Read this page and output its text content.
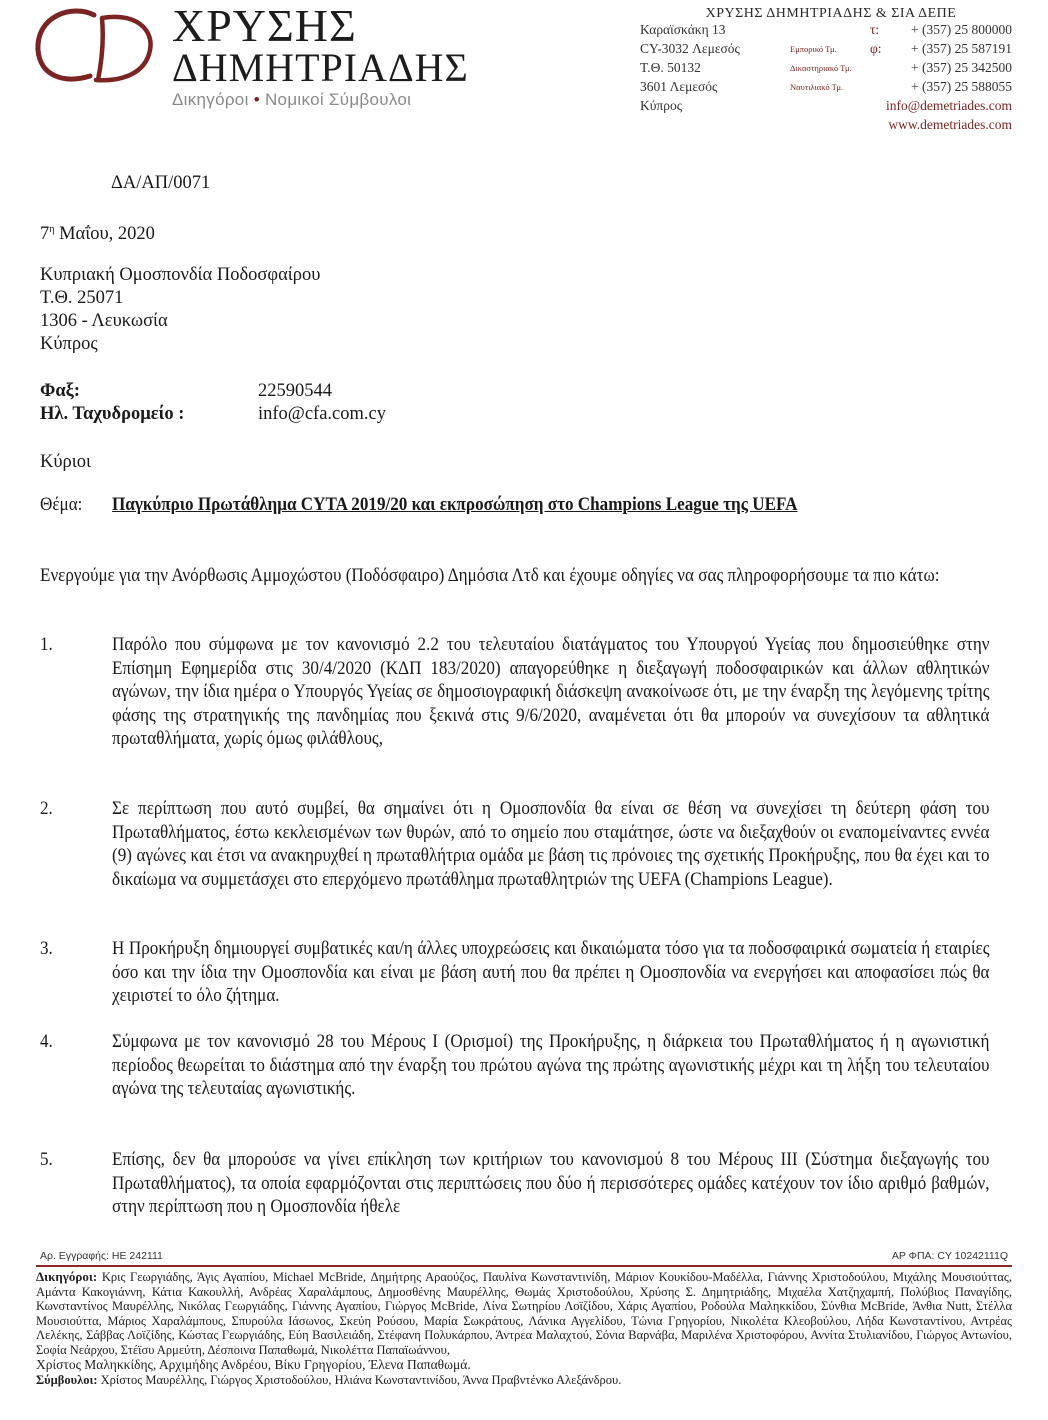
ΧΡΥΣΗΣ
ΔΗΜΗΤΡΙΑΔΗΣ
Δικηγόροι • Νομικοί Σύμβουλοι
ΧΡΥΣΗΣ ΔΗΜΗΤΡΙΑΔΗΣ & ΣΙΑ ΔΕΠΕ
Καραϊσκάκη 13	τ: + (357) 25 800000
CY-3032 Λεμεσός	Εμπορικό Τμ. φ: + (357) 25 587191
Τ.Θ. 50132	Δικαστηριακό Τμ.	+ (357) 25 342500
3601 Λεμεσός	Ναυτιλιακό Τμ.	+ (357) 25 588055
Κύπρος	info@demetriades.com
www.demetriades.com
ΔΑ/ΑΠ/0071
$7^\eta$ Μαΐου, 2020
Κυπριακή Ομοσπονδία Ποδοσφαίρου
Τ.Θ. 25071
1306 - Λευκωσία
Κύπρος
Φαξ:	22590544
Ηλ. Ταχυδρομείο :	info@cfa.com.cy
Κύριοι
Θέμα: Παγκύπριο Πρωτάθλημα CYTA 2019/20 και εκπροσώπηση στο Champions League της UEFA
Ενεργούμε για την Ανόρθωσις Αμμοχώστου (Ποδόσφαιρο) Δημόσια Λτδ και έχουμε οδηγίες να σας πληροφορήσουμε τα πιο κάτω:
1.	Παρόλο που σύμφωνα με τον κανονισμό 2.2 του τελευταίου διατάγματος του Υπουργού Υγείας που δημοσιεύθηκε στην Επίσημη Εφημερίδα στις 30/4/2020 (ΚΔΠ 183/2020) απαγορεύθηκε η διεξαγωγή ποδοσφαιρικών και άλλων αθλητικών αγώνων, την ίδια ημέρα ο Υπουργός Υγείας σε δημοσιογραφική διάσκεψη ανακοίνωσε ότι, με την έναρξη της λεγόμενης τρίτης φάσης της στρατηγικής της πανδημίας που ξεκινά στις 9/6/2020, αναμένεται ότι θα μπορούν να συνεχίσουν τα αθλητικά πρωταθλήματα, χωρίς όμως φιλάθλους,
2.	Σε περίπτωση που αυτό συμβεί, θα σημαίνει ότι η Ομοσπονδία θα είναι σε θέση να συνεχίσει τη δεύτερη φάση του Πρωταθλήματος, έστω κεκλεισμένων των θυρών, από το σημείο που σταμάτησε, ώστε να διεξαχθούν οι εναπομείναντες εννέα (9) αγώνες και έτσι να ανακηρυχθεί η πρωταθλήτρια ομάδα με βάση τις πρόνοιες της σχετικής Προκήρυξης, που θα έχει και το δικαίωμα να συμμετάσχει στο επερχόμενο πρωτάθλημα πρωταθλητριών της UEFA (Champions League).
3.	Η Προκήρυξη δημιουργεί συμβατικές και/η άλλες υποχρεώσεις και δικαιώματα τόσο για τα ποδοσφαιρικά σωματεία ή εταιρίες όσο και την ίδια την Ομοσπονδία και είναι με βάση αυτή που θα πρέπει η Ομοσπονδία να ενεργήσει και αποφασίσει πώς θα χειριστεί το όλο ζήτημα.
4.	Σύμφωνα με τον κανονισμό 28 του Μέρους Ι (Ορισμοί) της Προκήρυξης, η διάρκεια του Πρωταθλήματος ή η αγωνιστική περίοδος θεωρείται το διάστημα από την έναρξη του πρώτου αγώνα της πρώτης αγωνιστικής μέχρι και τη λήξη του τελευταίου αγώνα της τελευταίας αγωνιστικής.
5.	Επίσης, δεν θα μπορούσε να γίνει επίκληση των κριτήριων του κανονισμού 8 του Μέρους ΙΙΙ (Σύστημα διεξαγωγής του Πρωταθλήματος), τα οποία εφαρμόζονται στις περιπτώσεις που δύο ή περισσότερες ομάδες κατέχουν τον ίδιο αριθμό βαθμών, στην περίπτωση που η Ομοσπονδία ήθελε
Αρ. Εγγραφής: ΗΕ 242111	ΑΡ ΦΠΑ: CY 10242111Q
Δικηγόροι: Κρις Γεωργιάδης, Άγις Αγαπίου, Michael McBride, Δημήτρης Αραούζος, Παυλίνα Κωνσταντινίδη, Μάριον Κουκίδου-Μαδέλλα, Γιάννης Χριστοδούλου, Μιχάλης Μουσιούττας, Αμάντα Κακογιάννη, Κάτια Κακουλλή, Ανδρέας Χαραλάμπους, Δημοσθένης Μαυρέλλης, Θωμάς Χριστοδούλου, Χρύσης Σ. Δημητριάδης, Μιχαέλα Χατζηχαμπή, Πολύβιος Παναγίδης, Κωνσταντίνος Μαυρέλλης, Νικόλας Γεωργιάδης, Γιάννης Αγαπίου, Γιώργος McBride, Λίνα Σωτηρίου Λοϊζίδου, Χάρις Αγαπίου, Ροδούλα Μαληκκίδου, Σύνθια McBride, Άνθια Nutt, Στέλλα Μουσιούττα, Μάριος Χαραλάμπους, Σπυρούλα Ιάσωνος, Σκεύη Ρούσου, Μαρία Σωκράτους, Λάνικα Αγγελίδου, Τώνια Γρηγορίου, Νικολέτα Κλεοβούλου, Λήδα Κωνσταντίνου, Αντρέας Λελέκης, Σάββας Λοϊζίδης, Κώστας Γεωργιάδης, Εύη Βασιλειάδη, Στέφανη Πολυκάρπου, Άντρεα Μαλαχτού, Σόνια Βαρνάβα, Μαριλένα Χριστοφόρου, Αννίτα Στυλιανίδου, Γιώργος Αντωνίου, Σοφία Νεάρχου, Στέϊσυ Αρμεύτη, Δέσποινα Παπαθωμά, Νικολέττα Παπαϊωάννου,
Χρίστος Μαληκκίδης, Αρχιμήδης Ανδρέου, Βίκυ Γρηγορίου, Έλενα Παπαθωμά.
Σύμβουλοι: Χρίστος Μαυρέλλης, Γιώργος Χριστοδούλου, Ηλιάνα Κωνσταντινίδου, Άννα Πραβντένκο Αλεξάνδρου.
